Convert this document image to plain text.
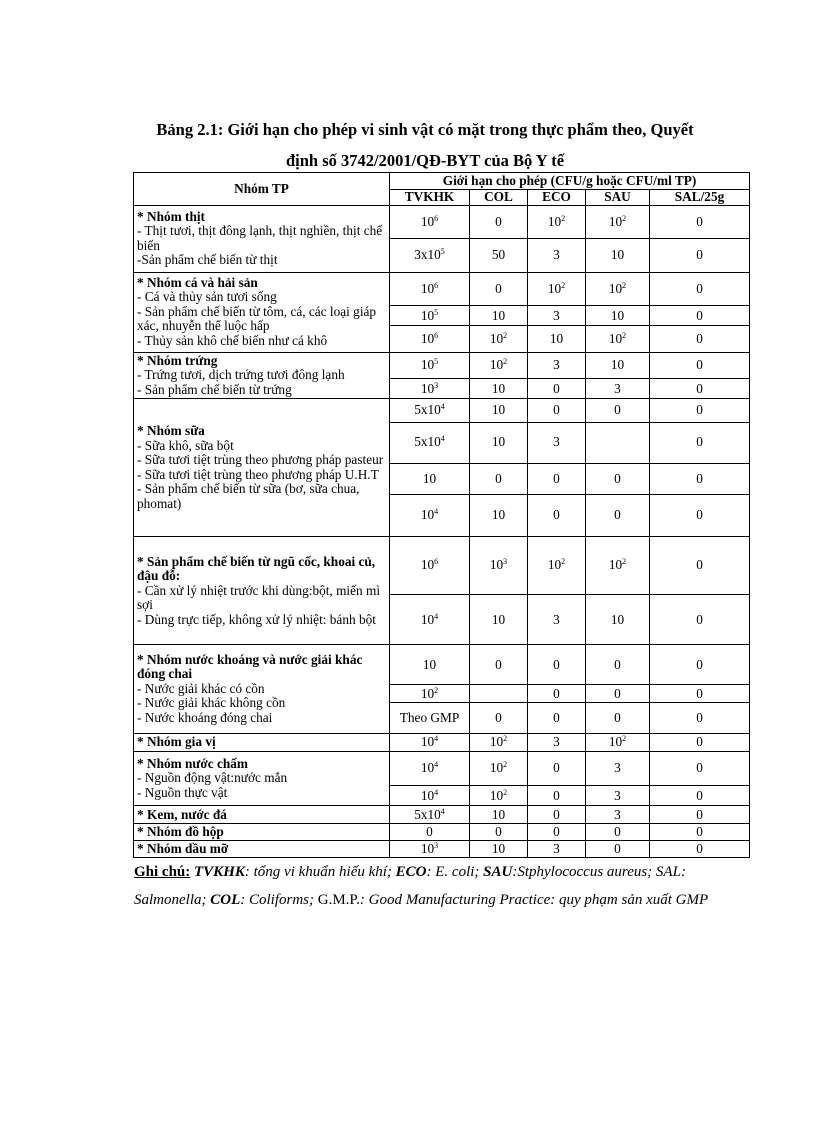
Bảng 2.1: Giới hạn cho phép vi sinh vật có mặt trong thực phẩm theo, Quyết
định số 3742/2001/QĐ-BYT của Bộ Y tế
Nhóm TP	Giới hạn cho phép (CFU/g hoặc CFU/ml TP)				
	TVKHK	COL	ECO	SAU	SAL/25g

* Nhóm thịt
- Thịt tươi, thịt đông lạnh, thịt nghiền, thịt chế biến
-Sản phẩm chế biến từ thịt	$10^6$	0	$10^2$	$10^2$	0
	$3x10^5$	50	3	10	0

* Nhóm cá và hải sản
- Cá và thủy sản tươi sống
- Sản phẩm chế biến từ tôm, cá, các loại giáp xác, nhuyễn thể luộc hấp
- Thủy sản khô chế biến như cá khô	$10^6$	0	$10^2$	$10^2$	0
	$10^5$	10	3	10	0
	$10^6$	$10^2$	10	$10^2$	0

* Nhóm trứng
- Trứng tươi, dịch trứng tươi đông lạnh
- Sản phẩm chế biến từ trứng	$10^5$	$10^2$	3	10	0
	$10^3$	10	0	3	0

* Nhóm sữa
- Sữa khô, sữa bột
- Sữa tươi tiệt trùng theo phương pháp pasteur
- Sữa tươi tiệt trùng theo phương pháp U.H.T
- Sản phẩm chế biến từ sữa (bơ, sữa chua, phomat)	$5x10^4$	10	0	0	0
	$5x10^4$	10	3		0
	10	0	0	0	0
	$10^4$	10	0	0	0

* Sản phẩm chế biến từ ngũ cốc, khoai củ, đậu đỗ:
- Cần xử lý nhiệt trước khi dùng:bột, miến mì sợi
- Dùng trực tiếp, không xử lý nhiệt: bánh bột	$10^6$	$10^3$	$10^2$	$10^2$	0
	$10^4$	10	3	10	0

* Nhóm nước khoáng và nước giải khác đóng chai
- Nước giải khác có cồn
- Nước giải khác không cồn
- Nước khoáng đóng chai	10	0	0	0	0
	$10^2$		0	0	0
	Theo GMP	0	0	0	0

* Nhóm gia vị	$10^4$	$10^2$	3	$10^2$	0

* Nhóm nước chấm
- Nguồn động vật:nước mắn
- Nguồn thực vật	$10^4$	$10^2$	0	3	0
	$10^4$	$10^2$	0	3	0

* Kem, nước đá	$5x10^4$	10	0	3	0

* Nhóm đồ hộp	0	0	0	0	0

* Nhóm dầu mỡ	$10^3$	10	3	0	0
Ghi chú: TVKHK: tổng vi khuẩn hiếu khí; ECO: E. coli; SAU:Stphylococcus aureus; SAL: Salmonella; COL: Coliforms; G.M.P.: Good Manufacturing Practice: quy phạm sản xuất GMP
